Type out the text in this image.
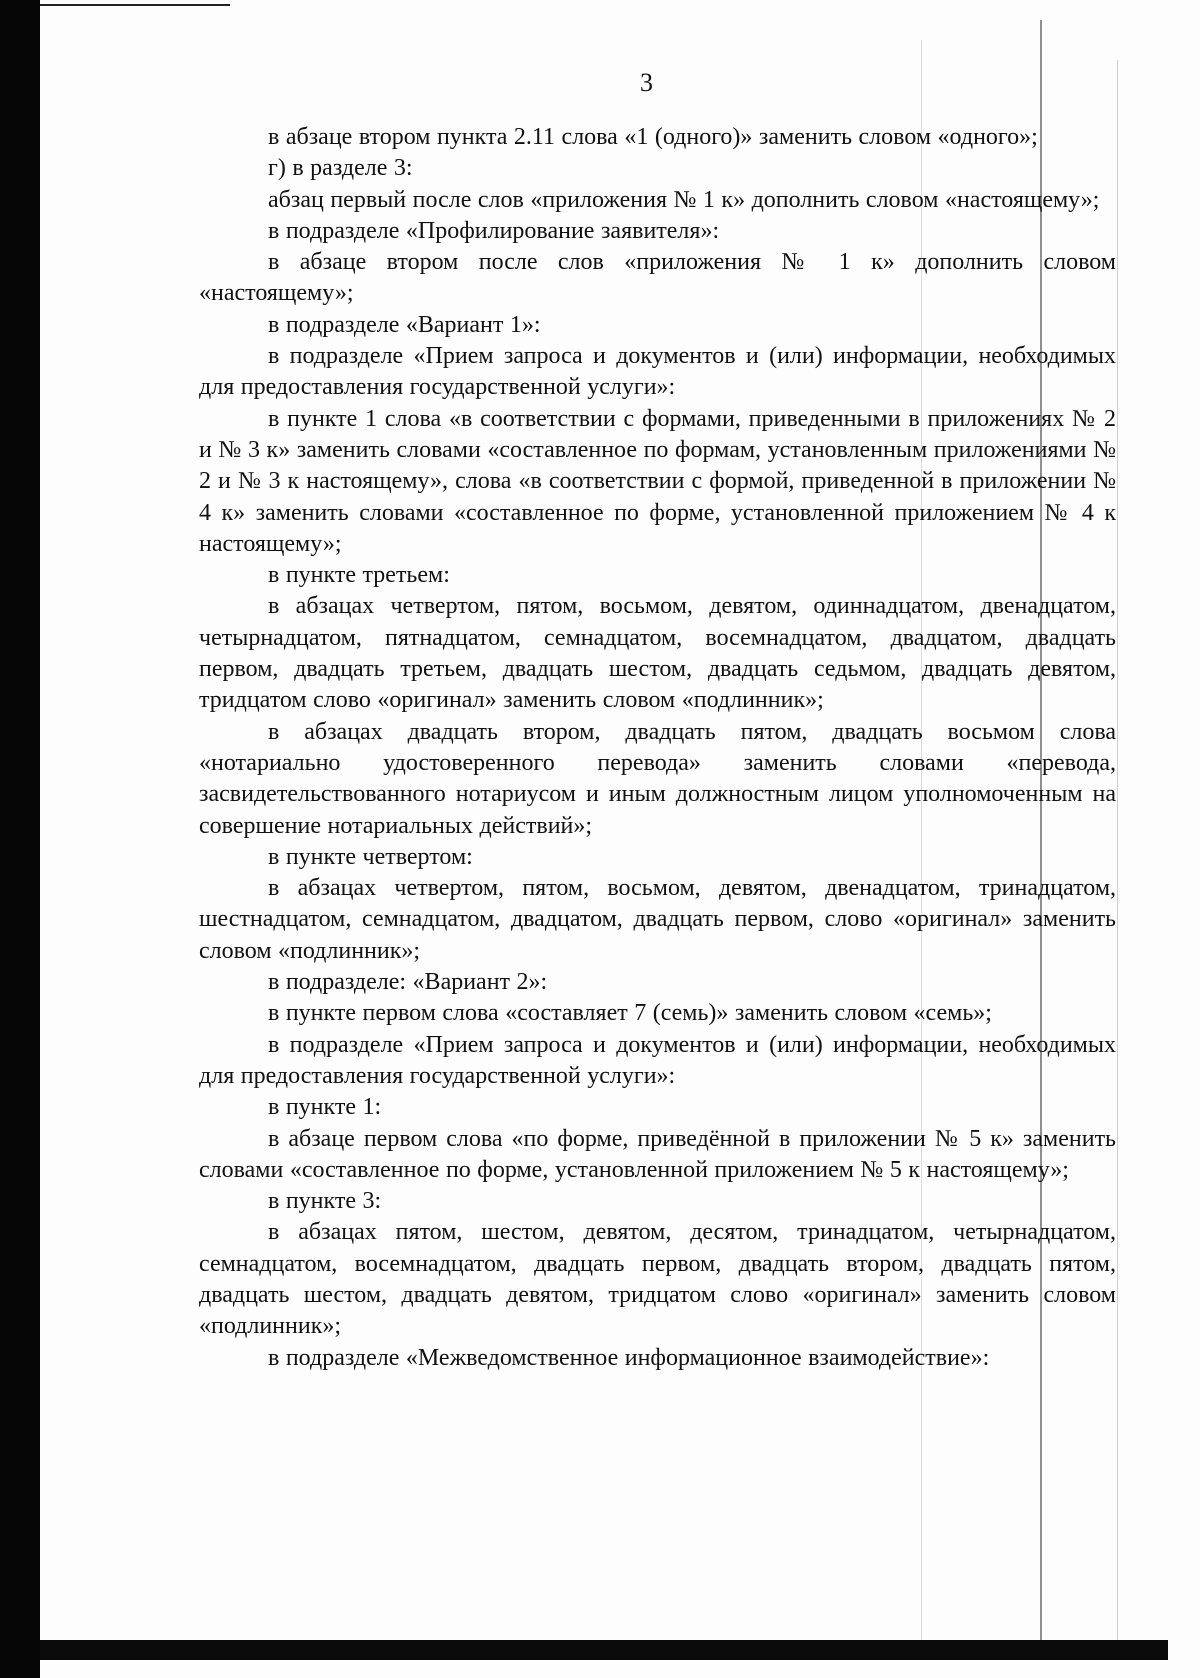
3

в абзаце втором пункта 2.11 слова «1 (одного)» заменить словом «одного»;

г) в разделе 3:

абзац первый после слов «приложения № 1 к» дополнить словом «настоящему»;

в подразделе «Профилирование заявителя»:

в абзаце втором после слов «приложения № 1 к» дополнить словом «настоящему»;

в подразделе «Вариант 1»:

в подразделе «Прием запроса и документов и (или) информации, необходимых для предоставления государственной услуги»:

в пункте 1 слова «в соответствии с формами, приведенными в приложениях № 2 и № 3 к» заменить словами «составленное по формам, установленным приложениями № 2 и № 3 к настоящему», слова «в соответствии с формой, приведенной в приложении № 4 к» заменить словами «составленное по форме, установленной приложением № 4 к настоящему»;

в пункте третьем:

в абзацах четвертом, пятом, восьмом, девятом, одиннадцатом, двенадцатом, четырнадцатом, пятнадцатом, семнадцатом, восемнадцатом, двадцатом, двадцать первом, двадцать третьем, двадцать шестом, двадцать седьмом, двадцать девятом, тридцатом слово «оригинал» заменить словом «подлинник»;

в абзацах двадцать втором, двадцать пятом, двадцать восьмом слова «нотариально удостоверенного перевода» заменить словами «перевода, засвидетельствованного нотариусом и иным должностным лицом уполномоченным на совершение нотариальных действий»;

в пункте четвертом:

в абзацах четвертом, пятом, восьмом, девятом, двенадцатом, тринадцатом, шестнадцатом, семнадцатом, двадцатом, двадцать первом, слово «оригинал» заменить словом «подлинник»;

в подразделе: «Вариант 2»:

в пункте первом слова «составляет 7 (семь)» заменить словом «семь»;

в подразделе «Прием запроса и документов и (или) информации, необходимых для предоставления государственной услуги»:

в пункте 1:

в абзаце первом слова «по форме, приведённой в приложении № 5 к» заменить словами «составленное по форме, установленной приложением № 5 к настоящему»;

в пункте 3:

в абзацах пятом, шестом, девятом, десятом, тринадцатом, четырнадцатом, семнадцатом, восемнадцатом, двадцать первом, двадцать втором, двадцать пятом, двадцать шестом, двадцать девятом, тридцатом слово «оригинал» заменить словом «подлинник»;

в подразделе «Межведомственное информационное взаимодействие»:
